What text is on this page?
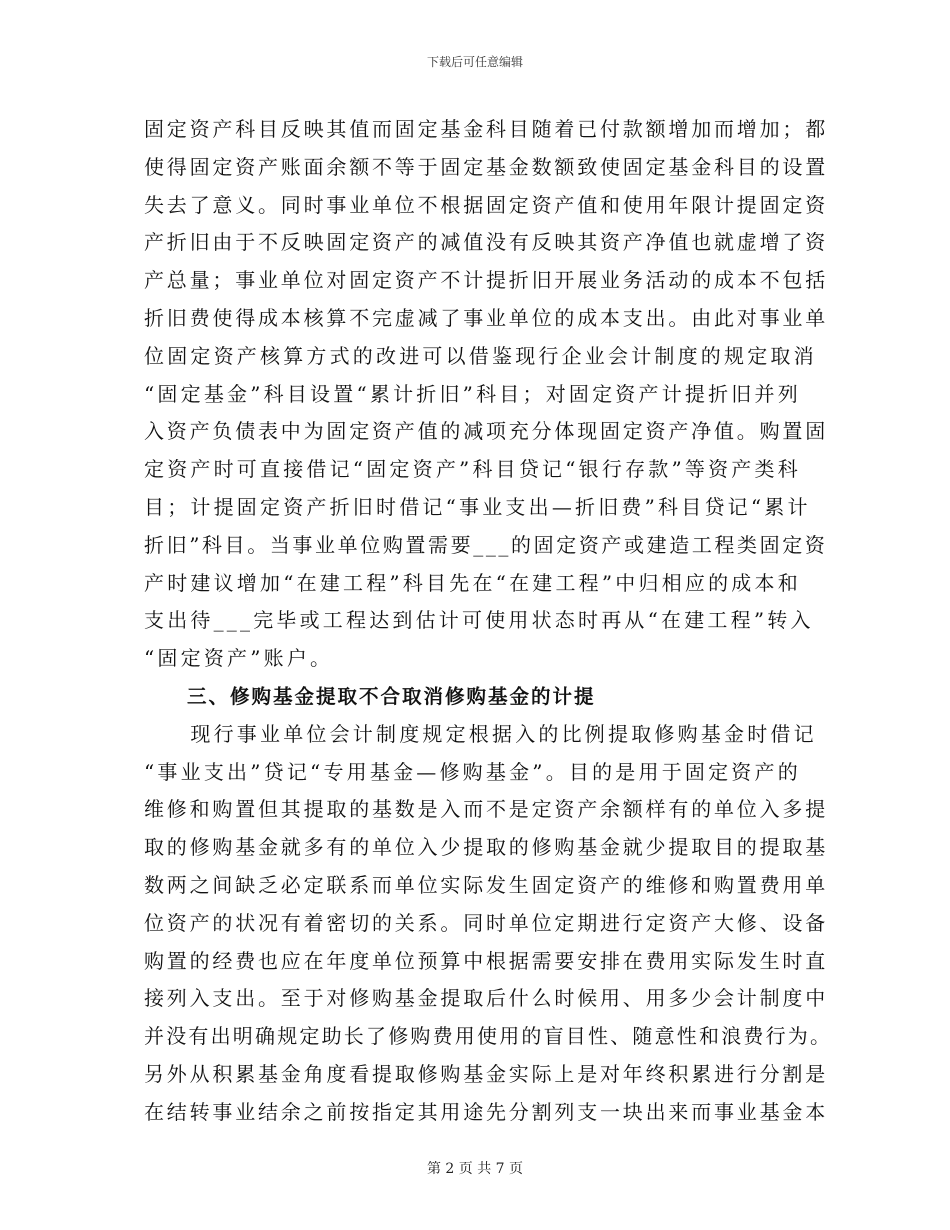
下载后可任意编辑
固定资产科目反映其值而固定基金科目随着已付款额增加而增加；都
使得固定资产账面余额不等于固定基金数额致使固定基金科目的设置
失去了意义。同时事业单位不根据固定资产值和使用年限计提固定资
产折旧由于不反映固定资产的减值没有反映其资产净值也就虚增了资
产总量；事业单位对固定资产不计提折旧开展业务活动的成本不包括
折旧费使得成本核算不完虚减了事业单位的成本支出。由此对事业单
位固定资产核算方式的改进可以借鉴现行企业会计制度的规定取消
“固定基金”科目设置“累计折旧”科目；对固定资产计提折旧并列
入资产负债表中为固定资产值的减项充分体现固定资产净值。购置固
定资产时可直接借记“固定资产”科目贷记“银行存款”等资产类科
目；计提固定资产折旧时借记“事业支出—折旧费”科目贷记“累计
折旧”科目。当事业单位购置需要___的固定资产或建造工程类固定资
产时建议增加“在建工程”科目先在“在建工程”中归相应的成本和
支出待___完毕或工程达到估计可使用状态时再从“在建工程”转入
“固定资产”账户。
　　三、修购基金提取不合取消修购基金的计提
　　现行事业单位会计制度规定根据入的比例提取修购基金时借记
“事业支出”贷记“专用基金—修购基金”。目的是用于固定资产的
维修和购置但其提取的基数是入而不是定资产余额样有的单位入多提
取的修购基金就多有的单位入少提取的修购基金就少提取目的提取基
数两之间缺乏必定联系而单位实际发生固定资产的维修和购置费用单
位资产的状况有着密切的关系。同时单位定期进行定资产大修、设备
购置的经费也应在年度单位预算中根据需要安排在费用实际发生时直
接列入支出。至于对修购基金提取后什么时候用、用多少会计制度中
并没有出明确规定助长了修购费用使用的盲目性、随意性和浪费行为。
另外从积累基金角度看提取修购基金实际上是对年终积累进行分割是
在结转事业结余之前按指定其用途先分割列支一块出来而事业基金本
第 2 页 共 7 页
